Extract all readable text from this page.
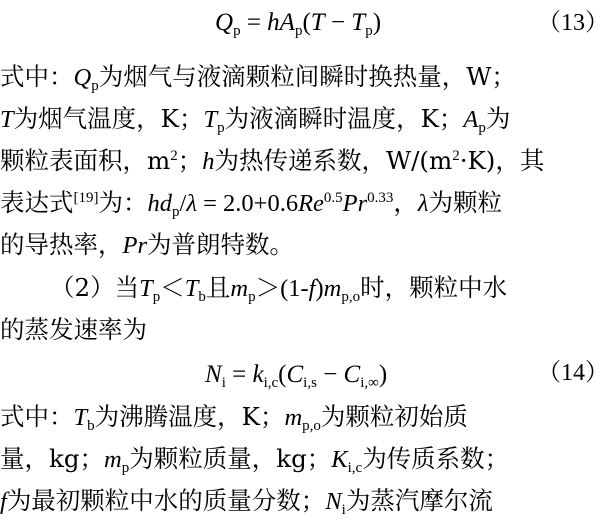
$Q_p = hA_p(T - T_p)$	（13）
式中：$Q_p$为烟气与液滴颗粒间瞬时换热量，W；
T为烟气温度，K；$T_p$为液滴瞬时温度，K；$A_p$为
颗粒表面积，$m^2$；h为热传递系数，$W/(m^2\cdot K)$，其
表达式[19]为：$hd_p/\lambda = 2.0+0.6Re^{0.5}Pr^{0.33}$，λ为颗粒
的导热率，Pr为普朗特数。
（2）当$T_p<T_b$且$m_p>(1-f)m_{p,o}$时，颗粒中水
的蒸发速率为
$N_i = k_{i,c}(C_{i,s} - C_{i,\infty})$	（14）
式中：$T_b$为沸腾温度，K；$m_{p,o}$为颗粒初始质
量，kg；$m_p$为颗粒质量，kg；$K_{i,c}$为传质系数；
f为最初颗粒中水的质量分数；$N_i$为蒸汽摩尔流
